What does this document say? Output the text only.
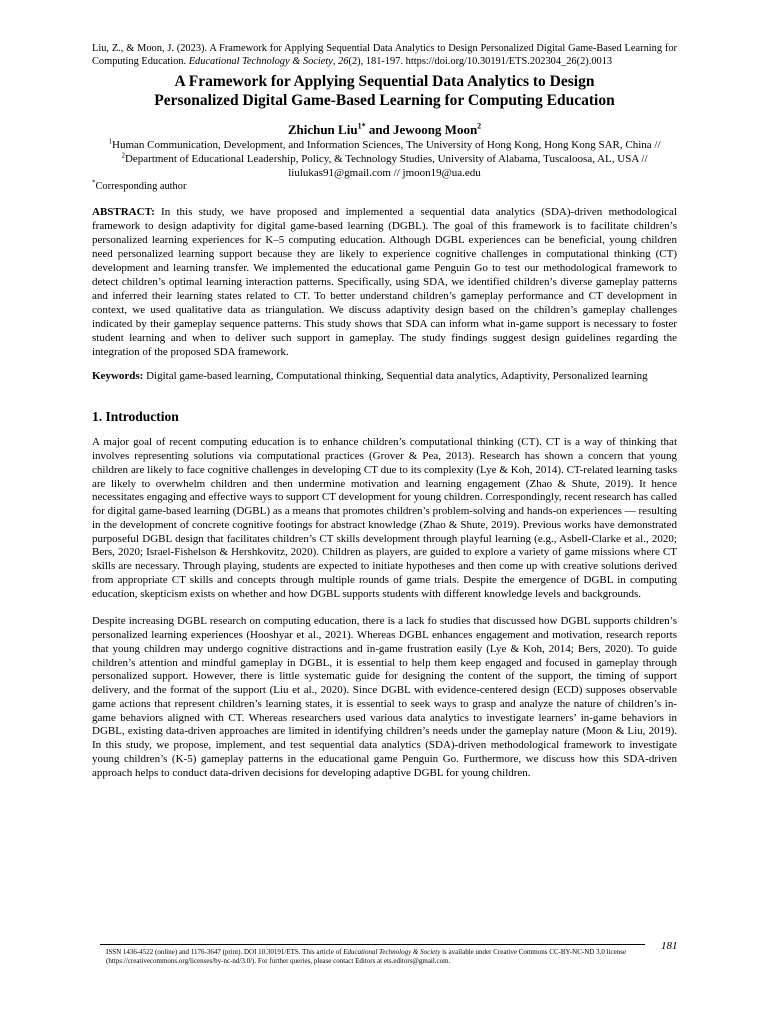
Liu, Z., & Moon, J. (2023). A Framework for Applying Sequential Data Analytics to Design Personalized Digital Game-Based Learning for Computing Education. Educational Technology & Society, 26(2), 181-197. https://doi.org/10.30191/ETS.202304_26(2).0013
A Framework for Applying Sequential Data Analytics to Design
Personalized Digital Game-Based Learning for Computing Education
Zhichun Liu$^{1*}$ and Jewoong Moon$^2$
$^1$Human Communication, Development, and Information Sciences, The University of Hong Kong, Hong Kong SAR, China // $^2$Department of Educational Leadership, Policy, & Technology Studies, University of Alabama, Tuscaloosa, AL, USA // liulukas91@gmail.com // jmoon19@ua.edu
*Corresponding author
ABSTRACT: In this study, we have proposed and implemented a sequential data analytics (SDA)-driven methodological framework to design adaptivity for digital game-based learning (DGBL). The goal of this framework is to facilitate children’s personalized learning experiences for K–5 computing education. Although DGBL experiences can be beneficial, young children need personalized learning support because they are likely to experience cognitive challenges in computational thinking (CT) development and learning transfer. We implemented the educational game Penguin Go to test our methodological framework to detect children’s optimal learning interaction patterns. Specifically, using SDA, we identified children’s diverse gameplay patterns and inferred their learning states related to CT. To better understand children’s gameplay performance and CT development in context, we used qualitative data as triangulation. We discuss adaptivity design based on the children’s gameplay challenges indicated by their gameplay sequence patterns. This study shows that SDA can inform what in-game support is necessary to foster student learning and when to deliver such support in gameplay. The study findings suggest design guidelines regarding the integration of the proposed SDA framework.
Keywords: Digital game-based learning, Computational thinking, Sequential data analytics, Adaptivity, Personalized learning
1. Introduction

A major goal of recent computing education is to enhance children’s computational thinking (CT). CT is a way of thinking that involves representing solutions via computational practices (Grover & Pea, 2013). Research has shown a concern that young children are likely to face cognitive challenges in developing CT due to its complexity (Lye & Koh, 2014). CT-related learning tasks are likely to overwhelm children and then undermine motivation and learning engagement (Zhao & Shute, 2019). It hence necessitates engaging and effective ways to support CT development for young children. Correspondingly, recent research has called for digital game-based learning (DGBL) as a means that promotes children’s problem-solving and hands-on experiences — resulting in the development of concrete cognitive footings for abstract knowledge (Zhao & Shute, 2019). Previous works have demonstrated purposeful DGBL design that facilitates children’s CT skills development through playful learning (e.g., Asbell-Clarke et al., 2020; Bers, 2020; Israel-Fishelson & Hershkovitz, 2020). Children as players, are guided to explore a variety of game missions where CT skills are necessary. Through playing, students are expected to initiate hypotheses and then come up with creative solutions derived from appropriate CT skills and concepts through multiple rounds of game trials. Despite the emergence of DGBL in computing education, skepticism exists on whether and how DGBL supports students with different knowledge levels and backgrounds.

Despite increasing DGBL research on computing education, there is a lack fo studies that discussed how DGBL supports children’s personalized learning experiences (Hooshyar et al., 2021). Whereas DGBL enhances engagement and motivation, research reports that young children may undergo cognitive distractions and in-game frustration easily (Lye & Koh, 2014; Bers, 2020). To guide children’s attention and mindful gameplay in DGBL, it is essential to help them keep engaged and focused in gameplay through personalized support. However, there is little systematic guide for designing the content of the support, the timing of support delivery, and the format of the support (Liu et al., 2020). Since DGBL with evidence-centered design (ECD) supposes observable game actions that represent children’s learning states, it is essential to seek ways to grasp and analyze the nature of children’s in-game behaviors aligned with CT. Whereas researchers used various data analytics to investigate learners’ in-game behaviors in DGBL, existing data-driven approaches are limited in identifying children’s needs under the gameplay nature (Moon & Liu, 2019). In this study, we propose, implement, and test sequential data analytics (SDA)-driven methodological framework to investigate young children’s (K-5) gameplay patterns in the educational game Penguin Go. Furthermore, we discuss how this SDA-driven approach helps to conduct data-driven decisions for developing adaptive DGBL for young children.

ISSN 1436-4522 (online) and 1176-3647 (print). DOI 10.30191/ETS. This article of Educational Technology & Society is available under Creative Commons CC-BY-NC-ND 3.0 license (https://creativecommons.org/licenses/by-nc-nd/3.0/). For further queries, please contact Editors at ets.editors@gmail.com.
181
